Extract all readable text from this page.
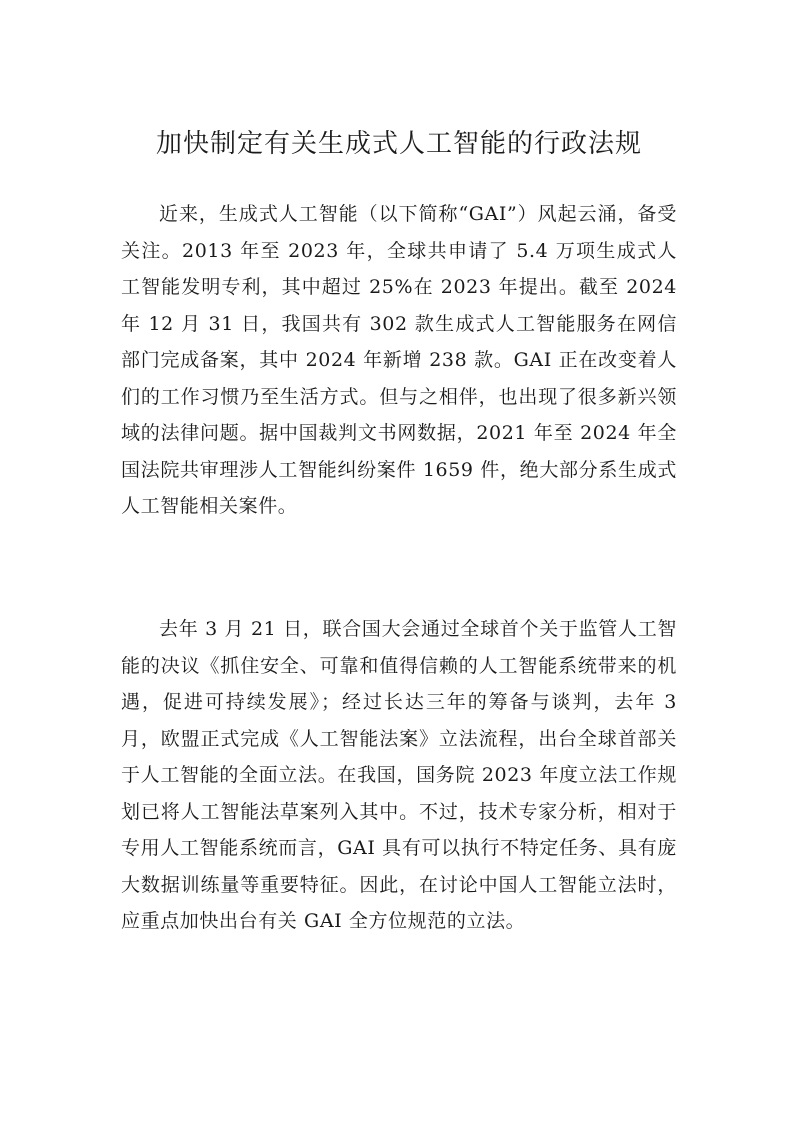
加快制定有关生成式人工智能的行政法规

近来，生成式人工智能（以下简称“GAI”）风起云涌，备受关注。2013 年至 2023 年，全球共申请了 5.4 万项生成式人工智能发明专利，其中超过 25%在 2023 年提出。截至 2024 年 12 月 31 日，我国共有 302 款生成式人工智能服务在网信部门完成备案，其中 2024 年新增 238 款。GAI 正在改变着人们的工作习惯乃至生活方式。但与之相伴，也出现了很多新兴领域的法律问题。据中国裁判文书网数据，2021 年至 2024 年全国法院共审理涉人工智能纠纷案件 1659 件，绝大部分系生成式人工智能相关案件。

去年 3 月 21 日，联合国大会通过全球首个关于监管人工智能的决议《抓住安全、可靠和值得信赖的人工智能系统带来的机遇，促进可持续发展》；经过长达三年的筹备与谈判，去年 3 月，欧盟正式完成《人工智能法案》立法流程，出台全球首部关于人工智能的全面立法。在我国，国务院 2023 年度立法工作规划已将人工智能法草案列入其中。不过，技术专家分析，相对于专用人工智能系统而言，GAI 具有可以执行不特定任务、具有庞大数据训练量等重要特征。因此，在讨论中国人工智能立法时，应重点加快出台有关 GAI 全方位规范的立法。
